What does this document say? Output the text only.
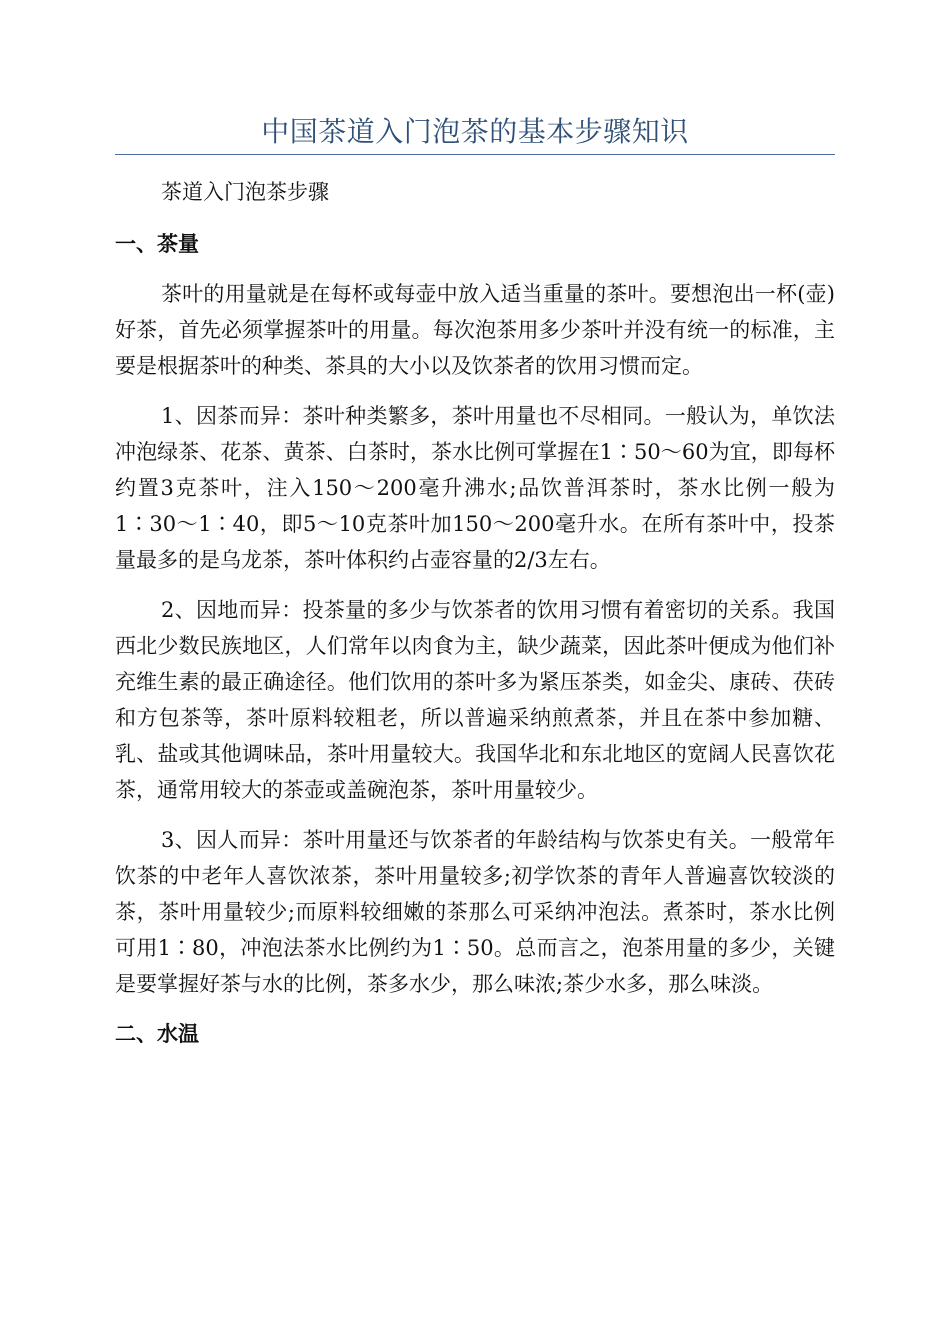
中国茶道入门泡茶的基本步骤知识

茶道入门泡茶步骤

一、茶量

茶叶的用量就是在每杯或每壶中放入适当重量的茶叶。要想泡出一杯(壶)好茶，首先必须掌握茶叶的用量。每次泡茶用多少茶叶并没有统一的标准，主要是根据茶叶的种类、茶具的大小以及饮茶者的饮用习惯而定。

1、因茶而异：茶叶种类繁多，茶叶用量也不尽相同。一般认为，单饮法冲泡绿茶、花茶、黄茶、白茶时，茶水比例可掌握在1∶50～60为宜，即每杯约置3克茶叶，注入150～200毫升沸水;品饮普洱茶时，茶水比例一般为1∶30～1∶40，即5～10克茶叶加150～200毫升水。在所有茶叶中，投茶量最多的是乌龙茶，茶叶体积约占壶容量的2/3左右。

2、因地而异：投茶量的多少与饮茶者的饮用习惯有着密切的关系。我国西北少数民族地区，人们常年以肉食为主，缺少蔬菜，因此茶叶便成为他们补充维生素的最正确途径。他们饮用的茶叶多为紧压茶类，如金尖、康砖、茯砖和方包茶等，茶叶原料较粗老，所以普遍采纳煎煮茶，并且在茶中参加糖、乳、盐或其他调味品，茶叶用量较大。我国华北和东北地区的宽阔人民喜饮花茶，通常用较大的茶壶或盖碗泡茶，茶叶用量较少。

3、因人而异：茶叶用量还与饮茶者的年龄结构与饮茶史有关。一般常年饮茶的中老年人喜饮浓茶，茶叶用量较多;初学饮茶的青年人普遍喜饮较淡的茶，茶叶用量较少;而原料较细嫩的茶那么可采纳冲泡法。煮茶时，茶水比例可用1∶80，冲泡法茶水比例约为1∶50。总而言之，泡茶用量的多少，关键是要掌握好茶与水的比例，茶多水少，那么味浓;茶少水多，那么味淡。

二、水温
